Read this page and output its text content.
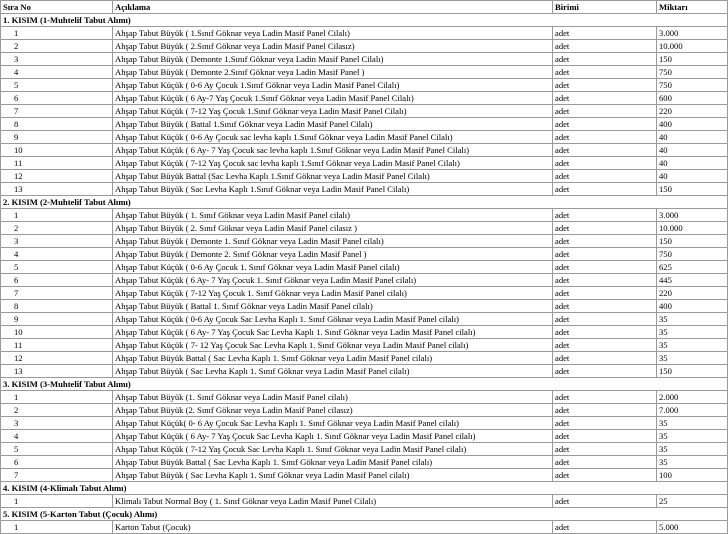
Sıra No	Açıklama	Birimi	Miktarı
1. KISIM (1-Muhtelif Tabut Alımı)			
1	Ahşap Tabut Büyük ( 1.Sınıf Göknar veya Ladin Masif Panel Cilalı)	adet	3.000
2	Ahşap Tabut Büyük ( 2.Sınıf Göknar veya Ladin Masif Panel Cilasız)	adet	10.000
3	Ahşap Tabut Büyük ( Demonte 1.Sınıf Göknar veya Ladin Masif Panel Cilalı)	adet	150
4	Ahşap Tabut Büyük ( Demonte 2.Sınıf Göknar veya Ladin Masif Panel )	adet	750
5	Ahşap Tabut Küçük ( 0-6 Ay Çocuk 1.Sınıf Göknar veya Ladin Masif Panel Cilalı)	adet	750
6	Ahşap Tabut Küçük ( 6 Ay-7 Yaş Çocuk 1.Sınıf Göknar veya Ladin Masif Panel Cilalı)	adet	600
7	Ahşap Tabut Küçük ( 7-12 Yaş Çocuk 1.Sınıf Göknar veya Ladin Masif Panel Cilalı)	adet	220
8	Ahşap Tabut Büyük ( Battal 1.Sınıf Göknar veya Ladin Masif Panel Cilalı)	adet	400
9	Ahşap Tabut Küçük ( 0-6 Ay Çocuk sac levha kaplı 1.Sınıf Göknar veya Ladin Masif Panel Cilalı)	adet	40
10	Ahşap Tabut Küçük ( 6 Ay- 7 Yaş Çocuk sac levha kaplı 1.Sınıf Göknar veya Ladin Masif Panel Cilalı)	adet	40
11	Ahşap Tabut Küçük ( 7-12 Yaş Çocuk sac levha kaplı 1.Sınıf Göknar veya Ladin Masif Panel Cilalı)	adet	40
12	Ahşap Tabut Büyük Battal (Sac Levha Kaplı 1.Sınıf Göknar veya Ladin Masif Panel Cilalı)	adet	40
13	Ahşap Tabut Büyük ( Sac Levha Kaplı 1.Sınıf Göknar veya Ladin Masif Panel Cilalı)	adet	150
2. KISIM (2-Muhtelif Tabut Alımı)			
1	Ahşap Tabut Büyük ( 1. Sınıf Göknar veya Ladin Masif Panel cilalı)	adet	3.000
2	Ahşap Tabut Büyük ( 2. Sınıf Göknar veya Ladin Masif Panel cilasız )	adet	10.000
3	Ahşap Tabut Büyük ( Demonte 1. Sınıf Göknar veya Ladin Masif Panel cilalı)	adet	150
4	Ahşap Tabut Büyük ( Demonte 2. Sınıf Göknar veya Ladin Masif Panel )	adet	750
5	Ahşap Tabut Küçük ( 0-6 Ay Çocuk 1. Sınıf Göknar veya Ladin Masif Panel cilalı)	adet	625
6	Ahşap Tabut Küçük ( 6 Ay- 7 Yaş Çocuk 1. Sınıf Göknar veya Ladin Masif Panel cilalı)	adet	445
7	Ahşap Tabut Küçük ( 7-12 Yaş Çocuk 1. Sınıf Göknar veya Ladin Masif Panel cilalı)	adet	220
8	Ahşap Tabut Büyük ( Battal 1. Sınıf Göknar veya Ladin Masif Panel cilalı)	adet	400
9	Ahşap Tabut Küçük ( 0-6 Ay Çocuk Sac Levha Kaplı 1. Sınıf Göknar veya Ladin Masif Panel cilalı)	adet	35
10	Ahşap Tabut Küçük ( 6 Ay- 7 Yaş Çocuk Sac Levha Kaplı 1. Sınıf Göknar veya Ladin Masif Panel cilalı)	adet	35
11	Ahşap Tabut Küçük ( 7- 12 Yaş Çocuk Sac Levha Kaplı 1. Sınıf Göknar veya Ladin Masif Panel cilalı)	adet	35
12	Ahşap Tabut Büyük Battal ( Sac Levha Kaplı 1. Sınıf Göknar veya Ladin Masif Panel cilalı)	adet	35
13	Ahşap Tabut Büyük ( Sac Levha Kaplı 1. Sınıf Göknar veya Ladin Masif Panel cilalı)	adet	150
3. KISIM (3-Muhtelif Tabut Alımı)			
1	Ahşap Tabut Büyük (1. Sınıf Göknar veya Ladin Masif Panel cilalı)	adet	2.000
2	Ahşap Tabut Büyük (2. Sınıf Göknar veya Ladin Masif Panel cilasız)	adet	7.000
3	Ahşap Tabut Küçük( 0- 6 Ay Çocuk Sac Levha Kaplı 1. Sınıf Göknar veya Ladin Masif Panel cilalı)	adet	35
4	Ahşap Tabut Küçük ( 6 Ay- 7 Yaş Çocuk Sac Levha Kaplı 1. Sınıf Göknar veya Ladin Masif Panel cilalı)	adet	35
5	Ahşap Tabut Küçük ( 7-12 Yaş Çocuk Sac Levha Kaplı 1. Sınıf Göknar veya Ladin Masif Panel cilalı)	adet	35
6	Ahşap Tabut Büyük Battal ( Sac Levha Kaplı 1. Sınıf Göknar veya Ladin Masif Panel cilalı)	adet	35
7	Ahşap Tabut Büyük ( Sac Levha Kaplı 1. Sınıf Göknar veya Ladin Masif Panel cilalı)	adet	100
4. KISIM (4-Klimalı Tabut Alımı)			
1	Klimalı Tabut Normal Boy ( 1. Sınıf Göknar veya Ladin Masif Panel Cilalı)	adet	25
5. KISIM (5-Karton Tabut (Çocuk) Alımı)			
1	Karton Tabut (Çocuk)	adet	5.000
